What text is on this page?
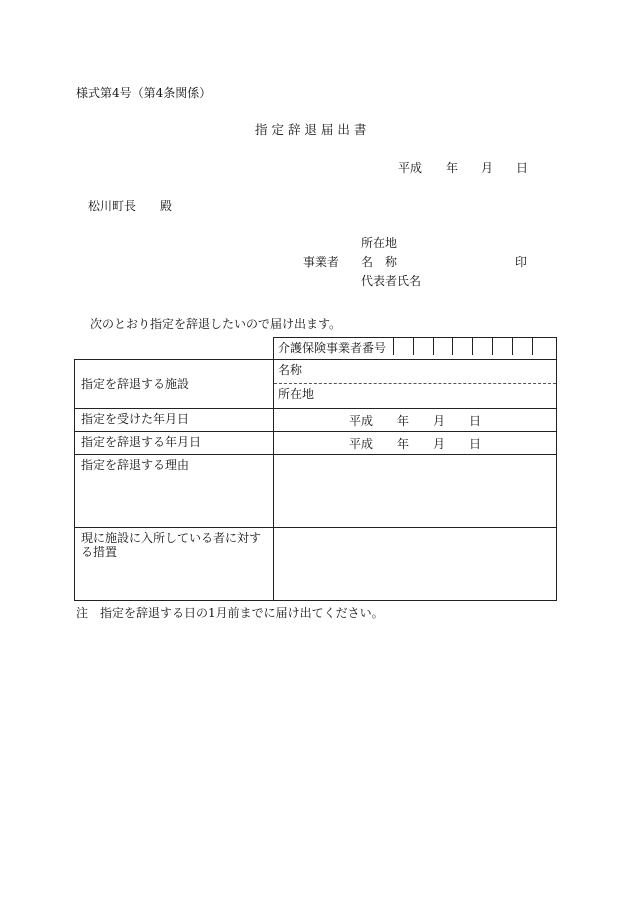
様式第4号（第4条関係）
指 定 辞 退 届 出 書
平成 年 月 日
松川町長 殿
所在地
事業者 名　称	印
代表者氏名
次のとおり指定を辞退したいので届け出ます。

	介護保険事業者番号

指定を辞退する施設	名称
所在地

指定を受けた年月日	平成 年 月 日

指定を辞退する年月日	平成 年 月 日

指定を辞退する理由	
現に施設に入所している者に対する措置	
注　指定を辞退する日の1月前までに届け出てください。
